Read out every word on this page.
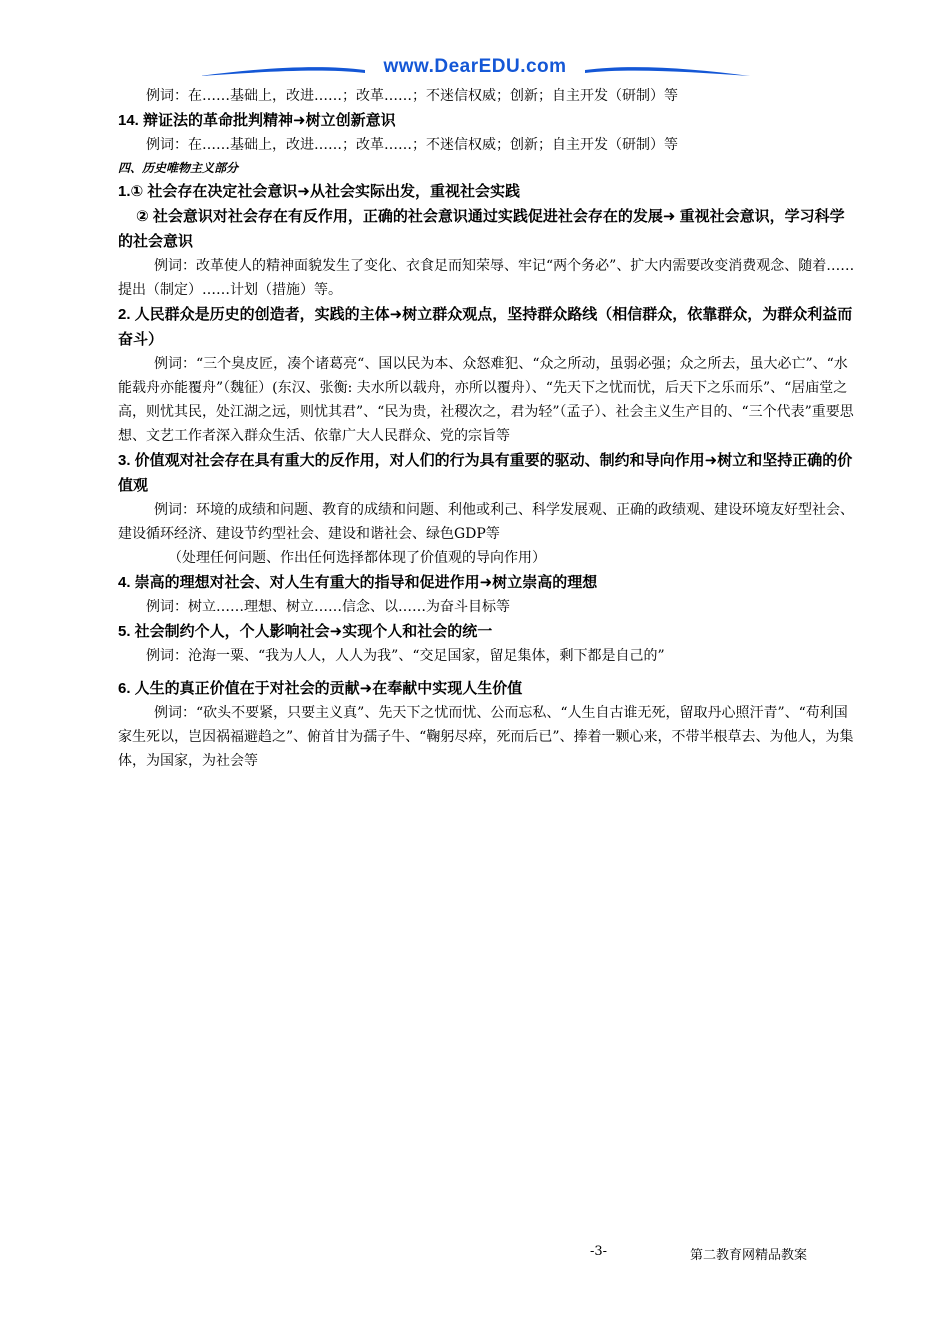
www.DearEDU.com

例词：在……基础上，改进……；改革……；不迷信权威；创新；自主开发（研制）等

14. 辩证法的革命批判精神➜树立创新意识

例词：在……基础上，改进……；改革……；不迷信权威；创新；自主开发（研制）等

四、历史唯物主义部分

1.① 社会存在决定社会意识➜从社会实际出发，重视社会实践

② 社会意识对社会存在有反作用，正确的社会意识通过实践促进社会存在的发展➜ 重视社会意识，学习科学的社会意识

例词：改革使人的精神面貌发生了变化、衣食足而知荣辱、牢记“两个务必”、扩大内需要改变消费观念、随着……提出（制定）……计划（措施）等。

2. 人民群众是历史的创造者，实践的主体➜树立群众观点，坚持群众路线（相信群众，依靠群众，为群众利益而奋斗）

例词：“三个臭皮匠，凑个诸葛亮“、国以民为本、众怒难犯、“众之所动，虽弱必强；众之所去，虽大必亡”、“水能载舟亦能覆舟”（魏征）(东汉、张衡: 夫水所以载舟，亦所以覆舟）、“先天下之忧而忧，后天下之乐而乐”、“居庙堂之高，则忧其民，处江湖之远，则忧其君”、“民为贵，社稷次之，君为轻”（孟子）、社会主义生产目的、“三个代表”重要思想、文艺工作者深入群众生活、依靠广大人民群众、党的宗旨等

3. 价值观对社会存在具有重大的反作用，对人们的行为具有重要的驱动、制约和导向作用➜树立和坚持正确的价值观

例词：环境的成绩和问题、教育的成绩和问题、利他或利己、科学发展观、正确的政绩观、建设环境友好型社会、建设循环经济、建设节约型社会、建设和谐社会、绿色GDP等

（处理任何问题、作出任何选择都体现了价值观的导向作用）

4. 崇高的理想对社会、对人生有重大的指导和促进作用➜树立崇高的理想

例词：树立……理想、树立……信念、以……为奋斗目标等

5. 社会制约个人，个人影响社会➜实现个人和社会的统一

例词：沧海一粟、“我为人人，人人为我”、“交足国家，留足集体，剩下都是自己的”

6. 人生的真正价值在于对社会的贡献➜在奉献中实现人生价值

例词：“砍头不要紧，只要主义真”、先天下之忧而忧、公而忘私、“人生自古谁无死，留取丹心照汗青”、“苟利国家生死以，岂因祸福避趋之”、俯首甘为孺子牛、“鞠躬尽瘁，死而后已”、捧着一颗心来，不带半根草去、为他人，为集体，为国家，为社会等

-3-	第二教育网精品教案
